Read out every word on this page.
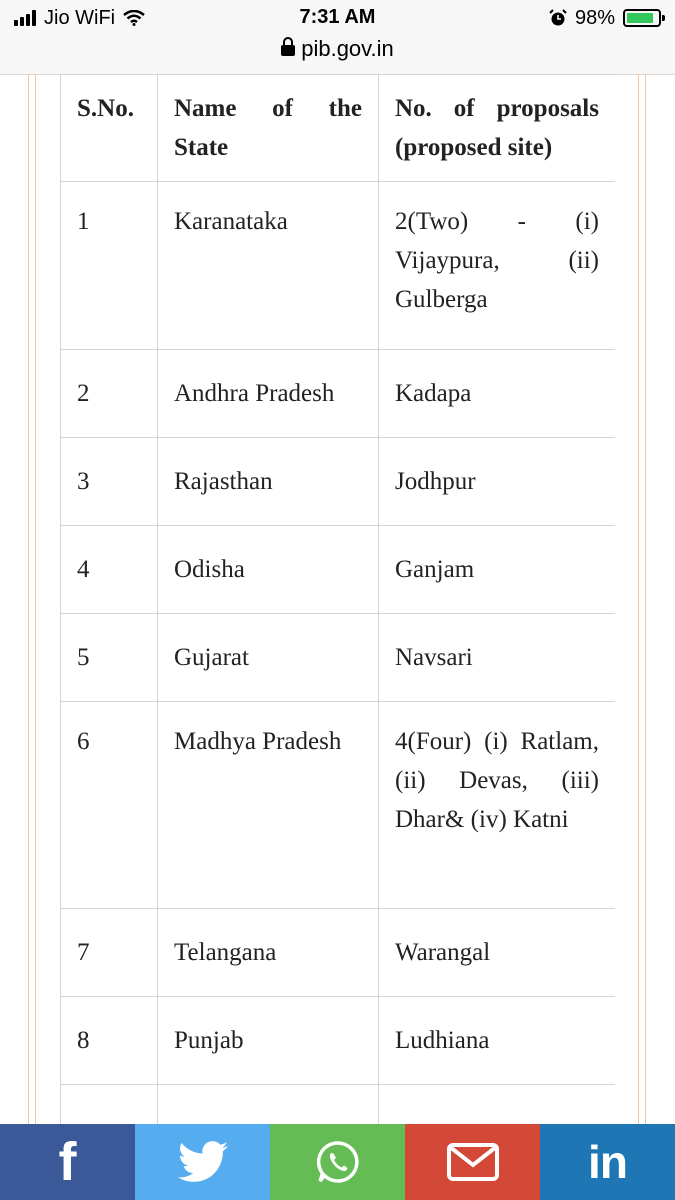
Jio WiFi	7:31 AM	98%
pib.gov.in
S.No.	Name of the State	No. of proposals (proposed site)
1	Karanataka	2(Two) - (i) Vijaypura, (ii) Gulberga
2	Andhra Pradesh	Kadapa
3	Rajasthan	Jodhpur
4	Odisha	Ganjam
5	Gujarat	Navsari
6	Madhya Pradesh	4(Four) (i) Ratlam, (ii) Devas, (iii) Dhar& (iv) Katni
7	Telangana	Warangal
8	Punjab	Ludhiana

f	in
